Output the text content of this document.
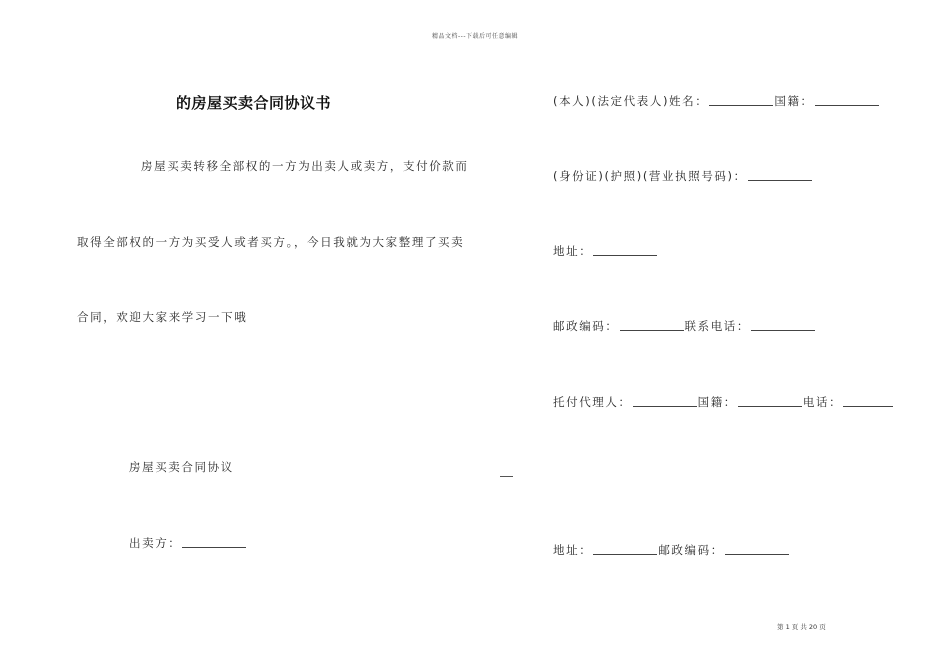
精品文档---下载后可任意编辑
的房屋买卖合同协议书
房屋买卖转移全部权的一方为出卖人或卖方，支付价款而
取得全部权的一方为买受人或者买方。，今日我就为大家整理了买卖
合同，欢迎大家来学习一下哦
房屋买卖合同协议
出卖方：
(本人)(法定代表人)姓名：	国籍：
(身份证)(护照)(营业执照号码)：
地址：
邮政编码：	联系电话：
托付代理人：	国籍：	电话：
地址：	邮政编码：
第 1 页 共 20 页
